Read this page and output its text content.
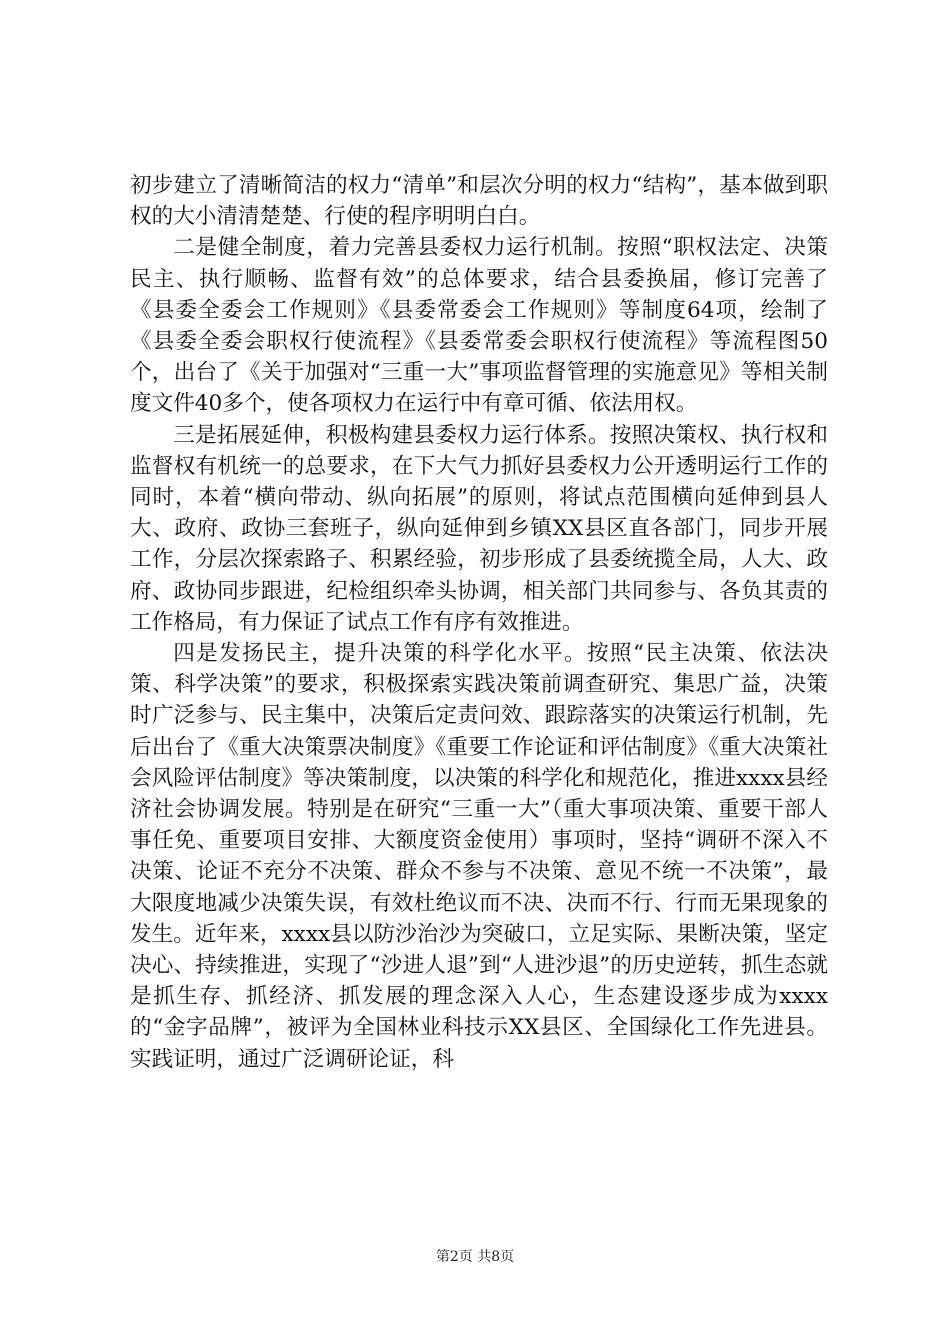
初步建立了清晰简洁的权力“清单”和层次分明的权力“结构”，基本做到职权的大小清清楚楚、行使的程序明明白白。

二是健全制度，着力完善县委权力运行机制。按照“职权法定、决策民主、执行顺畅、监督有效”的总体要求，结合县委换届，修订完善了《县委全委会工作规则》《县委常委会工作规则》等制度64项，绘制了《县委全委会职权行使流程》《县委常委会职权行使流程》等流程图50个，出台了《关于加强对“三重一大”事项监督管理的实施意见》等相关制度文件40多个，使各项权力在运行中有章可循、依法用权。

三是拓展延伸，积极构建县委权力运行体系。按照决策权、执行权和监督权有机统一的总要求，在下大气力抓好县委权力公开透明运行工作的同时，本着“横向带动、纵向拓展”的原则，将试点范围横向延伸到县人大、政府、政协三套班子，纵向延伸到乡镇XX县区直各部门，同步开展工作，分层次探索路子、积累经验，初步形成了县委统揽全局，人大、政府、政协同步跟进，纪检组织牵头协调，相关部门共同参与、各负其责的工作格局，有力保证了试点工作有序有效推进。

四是发扬民主，提升决策的科学化水平。按照“民主决策、依法决策、科学决策”的要求，积极探索实践决策前调查研究、集思广益，决策时广泛参与、民主集中，决策后定责问效、跟踪落实的决策运行机制，先后出台了《重大决策票决制度》《重要工作论证和评估制度》《重大决策社会风险评估制度》等决策制度，以决策的科学化和规范化，推进xxxx县经济社会协调发展。特别是在研究“三重一大”（重大事项决策、重要干部人事任免、重要项目安排、大额度资金使用）事项时，坚持“调研不深入不决策、论证不充分不决策、群众不参与不决策、意见不统一不决策”，最大限度地减少决策失误，有效杜绝议而不决、决而不行、行而无果现象的发生。近年来，xxxx县以防沙治沙为突破口，立足实际、果断决策，坚定决心、持续推进，实现了“沙进人退”到“人进沙退”的历史逆转，抓生态就是抓生存、抓经济、抓发展的理念深入人心，生态建设逐步成为xxxx的“金字品牌”，被评为全国林业科技示XX县区、全国绿化工作先进县。实践证明，通过广泛调研论证，科

第2页 共8页
